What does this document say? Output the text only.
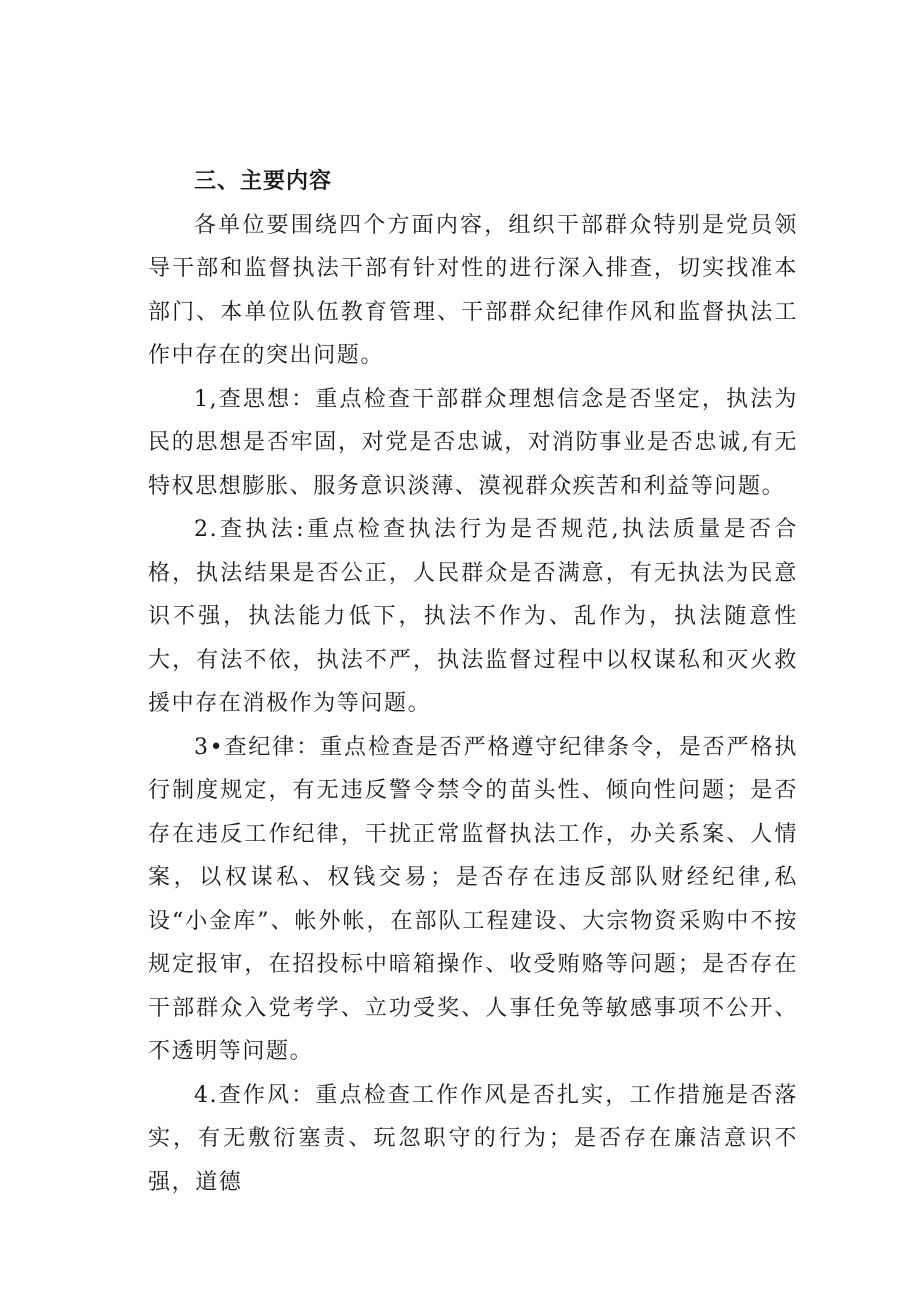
三、主要内容

各单位要围绕四个方面内容，组织干部群众特别是党员领导干部和监督执法干部有针对性的进行深入排查，切实找准本部门、本单位队伍教育管理、干部群众纪律作风和监督执法工作中存在的突出问题。

1,查思想：重点检查干部群众理想信念是否坚定，执法为民的思想是否牢固，对党是否忠诚，对消防事业是否忠诚,有无特权思想膨胀、服务意识淡薄、漠视群众疾苦和利益等问题。

2.查执法:重点检查执法行为是否规范,执法质量是否合格，执法结果是否公正，人民群众是否满意，有无执法为民意识不强，执法能力低下，执法不作为、乱作为，执法随意性大，有法不依，执法不严，执法监督过程中以权谋私和灭火救援中存在消极作为等问题。

3•查纪律：重点检查是否严格遵守纪律条令，是否严格执行制度规定，有无违反警令禁令的苗头性、倾向性问题；是否存在违反工作纪律，干扰正常监督执法工作，办关系案、人情案，以权谋私、权钱交易；是否存在违反部队财经纪律,私设“小金库”、帐外帐，在部队工程建设、大宗物资采购中不按规定报审，在招投标中暗箱操作、收受贿赂等问题；是否存在干部群众入党考学、立功受奖、人事任免等敏感事项不公开、不透明等问题。

4.查作风：重点检查工作作风是否扎实，工作措施是否落实，有无敷衍塞责、玩忽职守的行为；是否存在廉洁意识不强，道德
